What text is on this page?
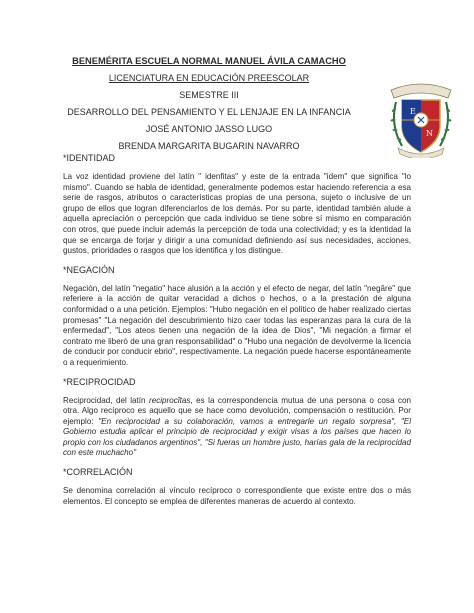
BENEMÉRITA ESCUELA NORMAL MANUEL ÁVILA CAMACHO
LICENCIATURA EN EDUCACIÓN PREESCOLAR
SEMESTRE III
DESARROLLO DEL PENSAMIENTO Y EL LENJAJE EN LA INFANCIA
JOSÉ ANTONIO JASSO LUGO
BRENDA MARGARITA BUGARIN NAVARRO
E
N
*IDENTIDAD

La voz identidad proviene del latín " idenfitas" y este de la entrada "idem" que significa "lo mismo". Cuando se habla de identidad, generalmente podemos estar haciendo referencia a esa serie de rasgos, atributos o características propias de una persona, sujeto o inclusive de un grupo de ellos que logran diferenciarlos de los demás. Por su parte, identidad también alude a aquella apreciación o percepción que cada individuo se tiene sobre sí mismo en comparación con otros, que puede incluir además la percepción de toda una colectividad; y es la identidad la que se encarga de forjar y dirigir a una comunidad definiendo así sus necesidades, acciones, gustos, prioridades o rasgos que los identifica y los distingue.

*NEGACIÓN

Negación, del latín "negatio" hace alusión a la acción y el efecto de negar, del latín "negâre" que referiere a la acción de quitar veracidad a dichos o hechos, o a la prestación de alguna conformidad o a una petición. Ejemplos: "Hubo negación en el político de haber realizado ciertas promesas" "La negación del descubrimiento hizo caer todas las esperanzas para la cura de la enfermedad", "Los ateos tienen una negación de la idea de Dios", "Mi negación a firmar el contrato me liberó de una gran responsabilidad" o "Hubo una negación de devolverme la licencia de conducir por conducir ebrio", respectivamente. La negación puede hacerse espontáneamente o a requerimiento.

*RECIPROCIDAD

Reciprocidad, del latín reciprocĭtas, es la correspondencia mutua de una persona o cosa con otra. Algo recíproco es aquello que se hace como devolución, compensación o restitución. Por ejemplo: "En reciprocidad a su colaboración, vamos a entregarle un regalo sorpresa", "El Gobierno estudia aplicar el principio de reciprocidad y exigir visas a los países que hacen lo propio con los ciudadanos argentinos", "Si fueras un hombre justo, harías gala de la reciprocidad con este muchacho"

*CORRELACIÓN

Se denomina correlación al vínculo recíproco o correspondiente que existe entre dos o más elementos. El concepto se emplea de diferentes maneras de acuerdo al contexto.
